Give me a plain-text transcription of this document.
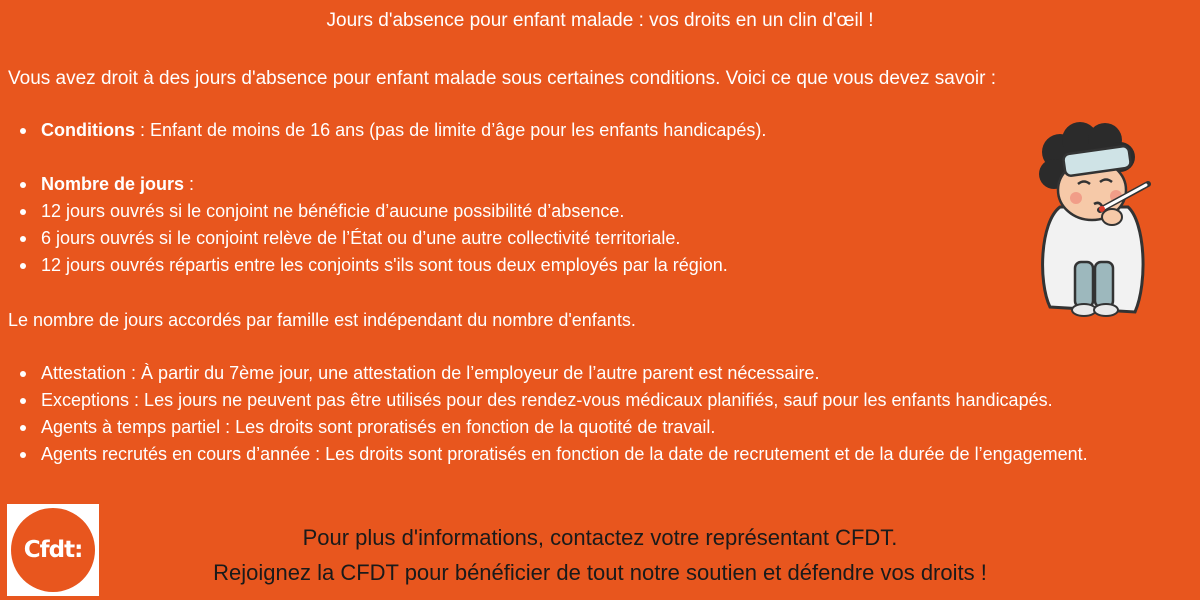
Jours d'absence pour enfant malade : vos droits en un clin d'œil !
Vous avez droit à des jours d'absence pour enfant malade sous certaines conditions. Voici ce que vous devez savoir :
Conditions : Enfant de moins de 16 ans (pas de limite d’âge pour les enfants handicapés).
Nombre de jours :
12 jours ouvrés si le conjoint ne bénéficie d’aucune possibilité d’absence.
6 jours ouvrés si le conjoint relève de l’État ou d’une autre collectivité territoriale.
12 jours ouvrés répartis entre les conjoints s'ils sont tous deux employés par la région.
Le nombre de jours accordés par famille est indépendant du nombre d'enfants.
Attestation : À partir du 7ème jour, une attestation de l’employeur de l’autre parent est nécessaire.
Exceptions : Les jours ne peuvent pas être utilisés pour des rendez-vous médicaux planifiés, sauf pour les enfants handicapés.
Agents à temps partiel : Les droits sont proratisés en fonction de la quotité de travail.
Agents recrutés en cours d’année : Les droits sont proratisés en fonction de la date de recrutement et de la durée de l’engagement.
Cfdt:	Pour plus d'informations, contactez votre représentant CFDT.
Rejoignez la CFDT pour bénéficier de tout notre soutien et défendre vos droits !
